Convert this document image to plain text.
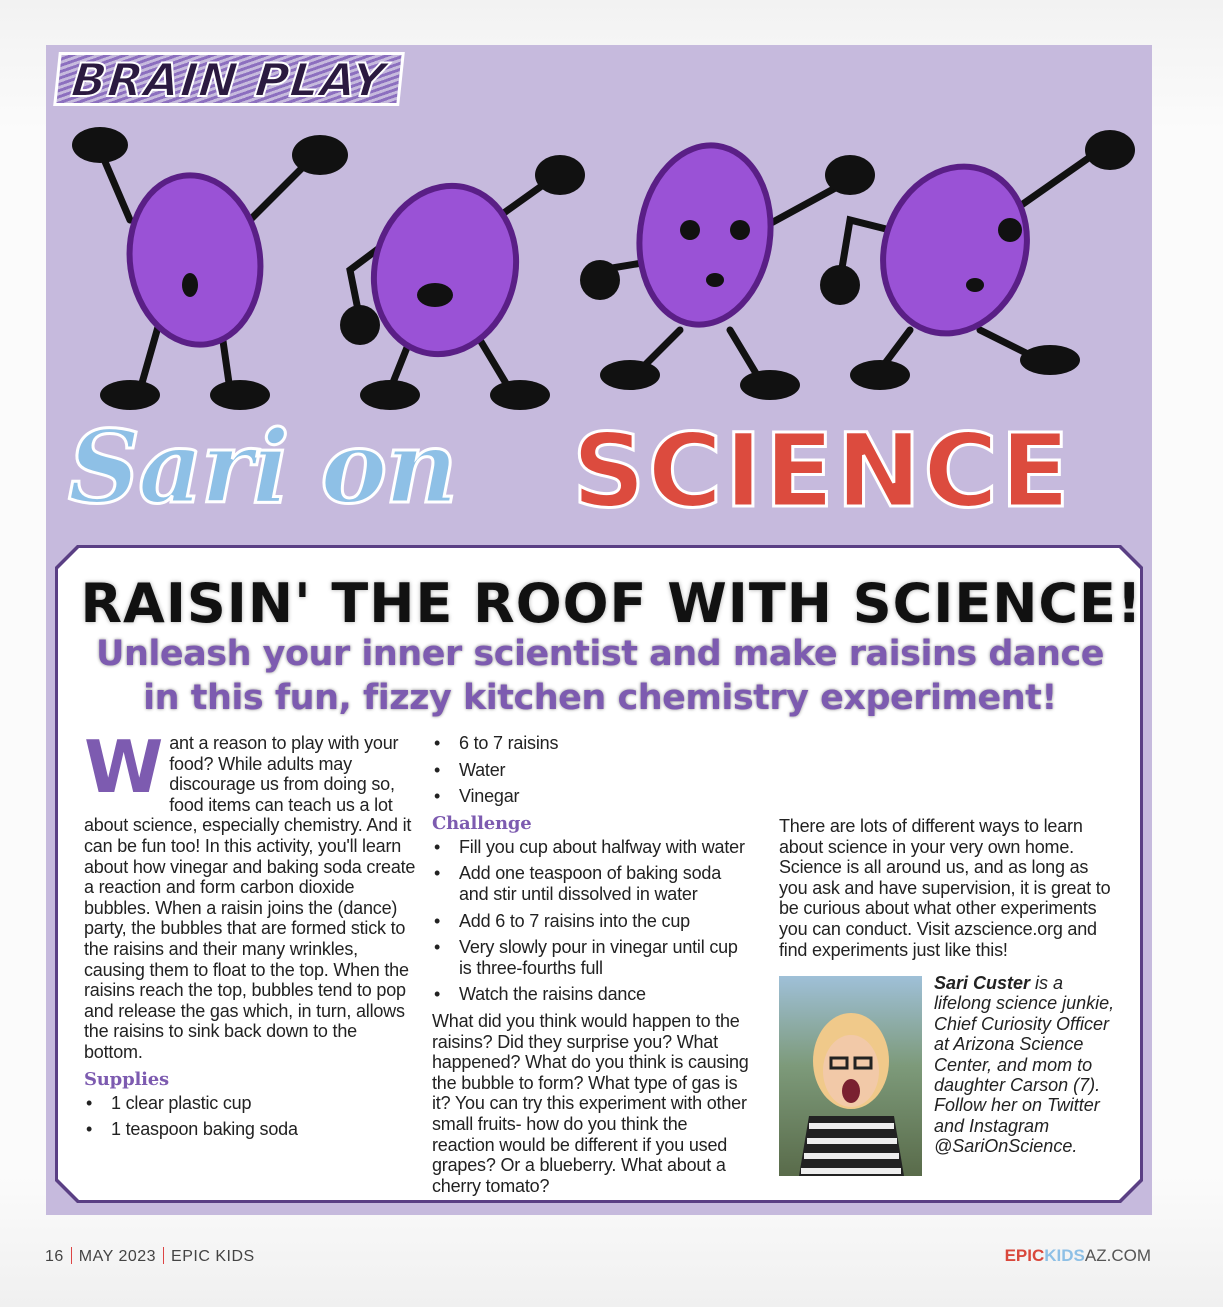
BRAIN PLAY
Sari on SCIENCE
RAISIN' THE ROOF WITH SCIENCE!
Unleash your inner scientist and make raisins dance
in this fun, fizzy kitchen chemistry experiment!

Want a reason to play with your food? While adults may discourage us from doing so, food items can teach us a lot about science, especially chemistry. And it can be fun too! In this activity, you'll learn about how vinegar and baking soda create a reaction and form carbon dioxide bubbles. When a raisin joins the (dance) party, the bubbles that are formed stick to the raisins and their many wrinkles, causing them to float to the top. When the raisins reach the top, bubbles tend to pop and release the gas which, in turn, allows the raisins to sink back down to the bottom.

Supplies
• 1 clear plastic cup
• 1 teaspoon baking soda
• 6 to 7 raisins
• Water
• Vinegar
Challenge
• Fill you cup about halfway with water
• Add one teaspoon of baking soda and stir until dissolved in water
• Add 6 to 7 raisins into the cup
• Very slowly pour in vinegar until cup is three-fourths full
• Watch the raisins dance

What did you think would happen to the raisins? Did they surprise you? What happened? What do you think is causing the bubble to form? What type of gas is it? You can try this experiment with other small fruits- how do you think the reaction would be different if you used grapes? Or a blueberry. What about a cherry tomato?

There are lots of different ways to learn about science in your very own home. Science is all around us, and as long as you ask and have supervision, it is great to be curious about what other experiments you can conduct. Visit azscience.org and find experiments just like this!

Sari Custer is a lifelong science junkie, Chief Curiosity Officer at Arizona Science Center, and mom to daughter Carson (7). Follow her on Twitter and Instagram @SariOnScience.
16 MAY 2023 EPIC KIDS	EPICKIDSAZ.COM
